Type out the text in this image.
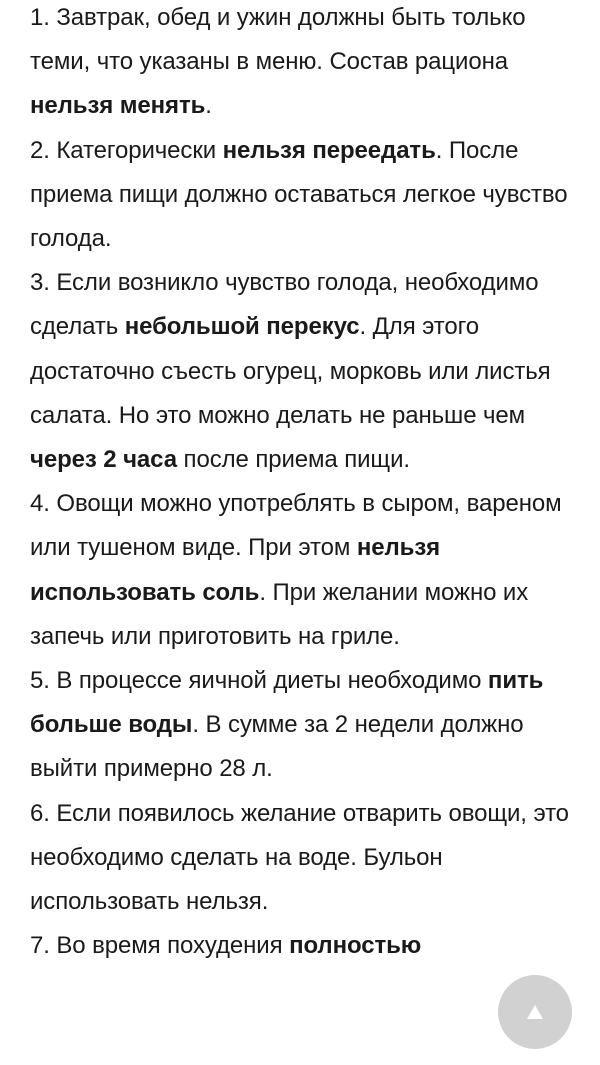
1. Завтрак, обед и ужин должны быть только теми, что указаны в меню. Состав рациона нельзя менять.

2. Категорически нельзя переедать. После приема пищи должно оставаться легкое чувство голода.

3. Если возникло чувство голода, необходимо сделать небольшой перекус. Для этого достаточно съесть огурец, морковь или листья салата. Но это можно делать не раньше чем через 2 часа после приема пищи.

4. Овощи можно употреблять в сыром, вареном или тушеном виде. При этом нельзя использовать соль. При желании можно их запечь или приготовить на гриле.

5. В процессе яичной диеты необходимо пить больше воды. В сумме за 2 недели должно выйти примерно 28 л.

6. Если появилось желание отварить овощи, это необходимо сделать на воде. Бульон использовать нельзя.

7. Во время похудения полностью
